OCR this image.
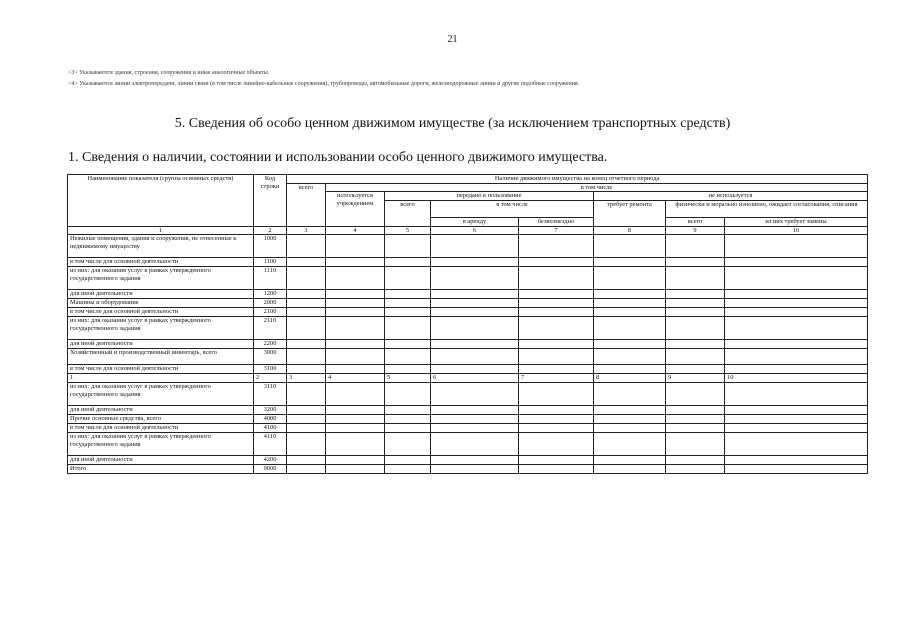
21
<3> Указываются здания, строения, сооружения и иные аналогичные объекты.
<4> Указываются линии электропередачи, линии связи (в том числе линейно-кабельные сооружения), трубопроводы, автомобильные дороги, железнодорожные линии и другие подобные сооружения.
5. Сведения об особо ценном движимом имуществе (за исключением транспортных средств)
1. Сведения о наличии, состоянии и использовании особо ценного движимого имущества.
Наименование показателя (группа основных средств)	Код строки	Наличие движимого имущества на конец отчетного периода							
		всего	в том числе						
			используется учреждением	передано в пользование			не используется		
				всего	в том числе		требует ремонта	физически и морально изношено, ожидает согласования, списания	
					в аренду	безвозмездно		всего	из них требует замены
1	2	3	4	5	6	7	8	9	10
Нежилые помещения, здания и сооружения, не отнесенные к недвижимому имуществу	1000								
в том числе для основной деятельности	1100								
из них: для оказания услуг в рамках утвержденного государственного задания	1110								
для иной деятельности	1200								
Машины и оборудование	2000								
в том числе для основной деятельности	2100								
из них: для оказания услуг в рамках утвержденного государственного задания	2110								
для иной деятельности	2200								
Хозяйственный и производственный инвентарь, всего	3000								
в том числе для основной деятельности	3100								
1	2	3	4	5	6	7	8	9	10
из них: для оказания услуг в рамках утвержденного государственного задания	3110								
для иной деятельности	3200								
Прочие основные средства, всего	4000								
в том числе для основной деятельности	4100								
из них: для оказания услуг в рамках утвержденного государственного задания	4110								
для иной деятельности	4200								
Итого	9000								
